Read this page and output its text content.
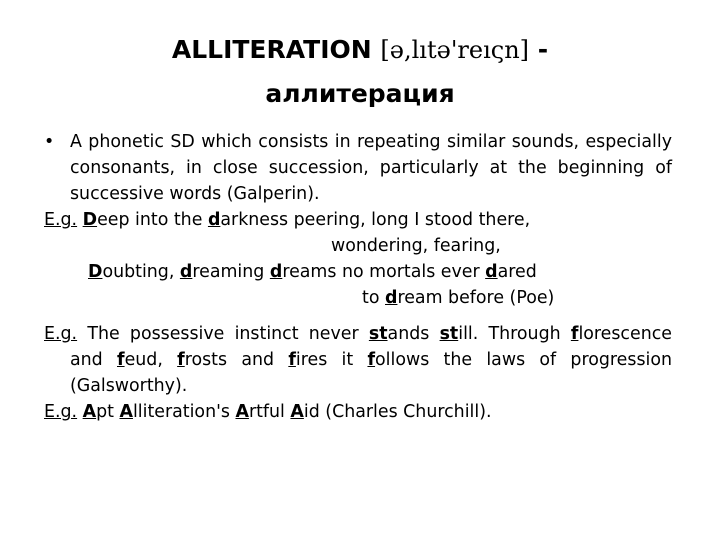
ALLITERATION [ə,lıtə'reıςn] -
аллитерация

• A phonetic SD which consists in repeating similar sounds, especially consonants, in close succession, particularly at the beginning of successive words (Galperin).

E.g. Deep into the darkness peering, long I stood there,
wondering, fearing,
Doubting, dreaming dreams no mortals ever dared
to dream before (Poe)

E.g. The possessive instinct never stands still. Through florescence and feud, frosts and fires it follows the laws of progression (Galsworthy).

E.g. Apt Alliteration's Artful Aid (Charles Churchill).
